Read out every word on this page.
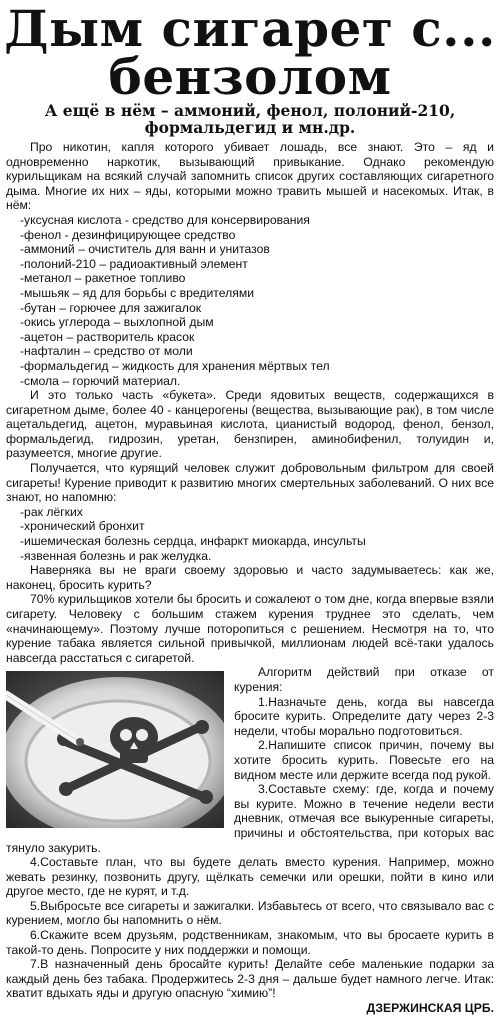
Дым сигарет с...
бензолом
А ещё в нём – аммоний, фенол, полоний-210, формальдегид и мн.др.

Про никотин, капля которого убивает лошадь, все знают. Это – яд и одновременно наркотик, вызывающий привыкание. Однако рекомендую курильщикам на всякий случай запомнить список других составляющих сигаретного дыма. Многие их них – яды, которыми можно травить мышей и насекомых. Итак, в нём:

-уксусная кислота - средство для консервирования

-фенол - дезинфицирующее средство

-аммоний – очиститель для ванн и унитазов

-полоний-210 – радиоактивный элемент

-метанол – ракетное топливо

-мышьяк – яд для борьбы с вредителями

-бутан – горючее для зажигалок

-окись углерода – выхлопной дым

-ацетон – растворитель красок

-нафталин – средство от моли

-формальдегид – жидкость для хранения мёртвых тел

-смола – горючий материал.

И это только часть «букета». Среди ядовитых веществ, содержащихся в сигаретном дыме, более 40 - канцерогены (вещества, вызывающие рак), в том числе ацетальдегид, ацетон, муравьиная кислота, цианистый водород, фенол, бензол, формальдегид, гидрозин, уретан, бензпирен, аминобифенил, толуидин и, разумеется, многие другие.

Получается, что курящий человек служит добровольным фильтром для своей сигареты! Курение приводит к развитию многих смертельных заболеваний. О них все знают, но напомню:

-рак лёгких

-хронический бронхит

-ишемическая болезнь сердца, инфаркт миокарда, инсульты

-язвенная болезнь и рак желудка.

Наверняка вы не враги своему здоровью и часто задумываетесь: как же, наконец, бросить курить?

70% курильщиков хотели бы бросить и сожалеют о том дне, когда впервые взяли сигарету. Человеку с большим стажем курения труднее это сделать, чем «начинающему». Поэтому лучше поторопиться с решением. Несмотря на то, что курение табака является сильной привычкой, миллионам людей всё-таки удалось навсегда расстаться с сигаретой.

Алгоритм действий при отказе от курения:

1.Назначьте день, когда вы навсегда бросите курить. Определите дату через 2-3 недели, чтобы морально подготовиться.

2.Напишите список причин, почему вы хотите бросить курить. Повесьте его на видном месте или держите всегда под рукой.

3.Составьте схему: где, когда и почему вы курите. Можно в течение недели вести дневник, отмечая все выкуренные сигареты, причины и обстоятельства, при которых вас тянуло закурить.

4.Составьте план, что вы будете делать вместо курения. Например, можно жевать резинку, позвонить другу, щёлкать семечки или орешки, пойти в кино или другое место, где не курят, и т.д.

5.Выбросьте все сигареты и зажигалки. Избавьтесь от всего, что связывало вас с курением, могло бы напомнить о нём.

6.Скажите всем друзьям, родственникам, знакомым, что вы бросаете курить в такой-то день. Попросите у них поддержки и помощи.

7.В назначенный день бросайте курить! Делайте себе маленькие подарки за каждый день без табака. Продержитесь 2-3 дня – дальше будет намного легче. Итак: хватит вдыхать яды и другую опасную “химию”!

ДЗЕРЖИНСКАЯ ЦРБ.
